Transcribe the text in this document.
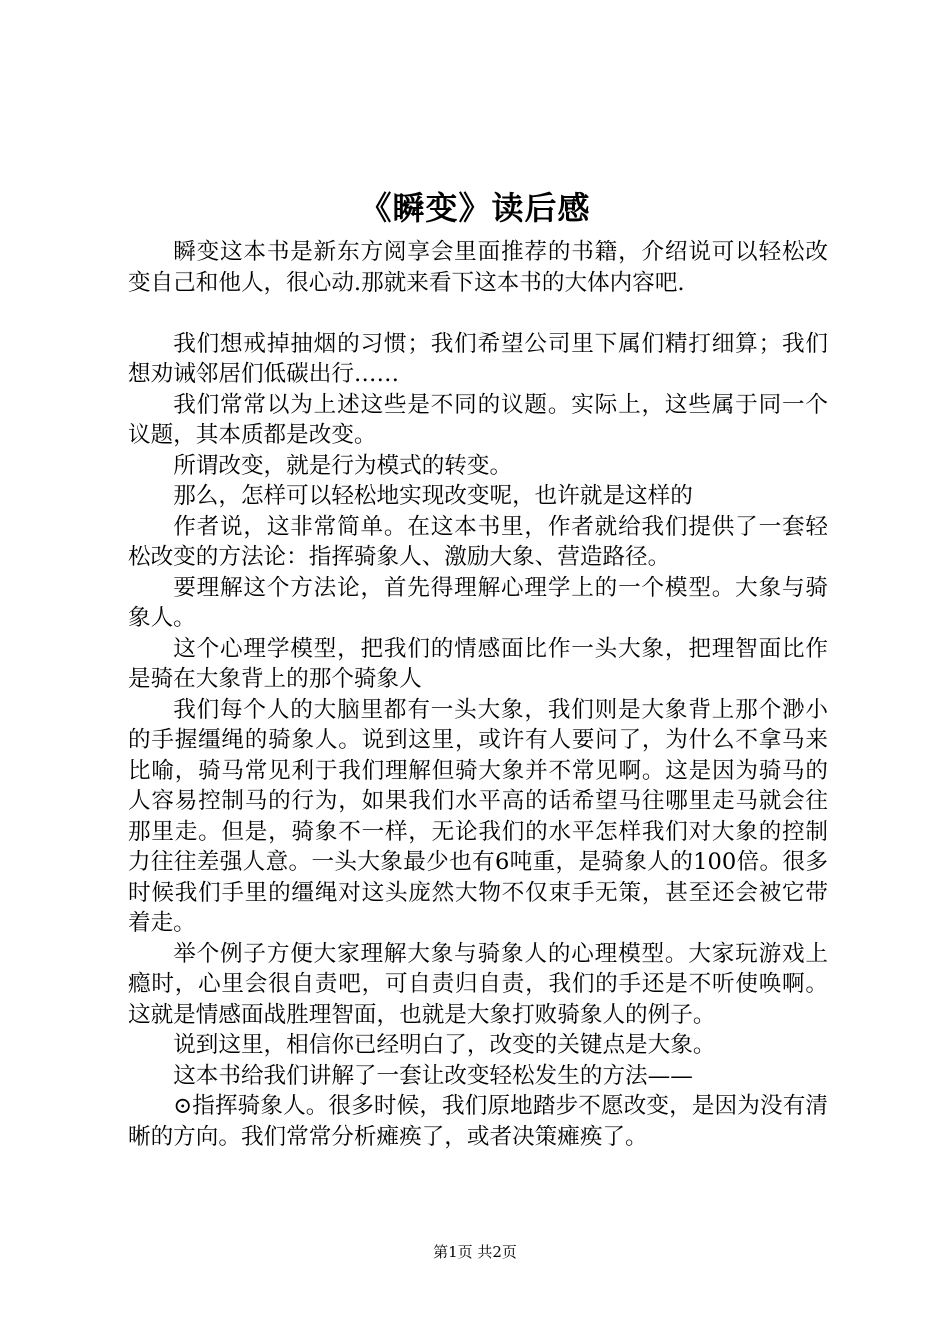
《瞬变》读后感

瞬变这本书是新东方阅享会里面推荐的书籍，介绍说可以轻松改变自己和他人，很心动.那就来看下这本书的大体内容吧.

我们想戒掉抽烟的习惯；我们希望公司里下属们精打细算；我们想劝诫邻居们低碳出行……

我们常常以为上述这些是不同的议题。实际上，这些属于同一个议题，其本质都是改变。

所谓改变，就是行为模式的转变。

那么，怎样可以轻松地实现改变呢，也许就是这样的

作者说，这非常简单。在这本书里，作者就给我们提供了一套轻松改变的方法论：指挥骑象人、激励大象、营造路径。

要理解这个方法论，首先得理解心理学上的一个模型。大象与骑象人。

这个心理学模型，把我们的情感面比作一头大象，把理智面比作是骑在大象背上的那个骑象人

我们每个人的大脑里都有一头大象，我们则是大象背上那个渺小的手握缰绳的骑象人。说到这里，或许有人要问了，为什么不拿马来比喻，骑马常见利于我们理解但骑大象并不常见啊。这是因为骑马的人容易控制马的行为，如果我们水平高的话希望马往哪里走马就会往那里走。但是，骑象不一样，无论我们的水平怎样我们对大象的控制力往往差强人意。一头大象最少也有6吨重，是骑象人的100倍。很多时候我们手里的缰绳对这头庞然大物不仅束手无策，甚至还会被它带着走。

举个例子方便大家理解大象与骑象人的心理模型。大家玩游戏上瘾时，心里会很自责吧，可自责归自责，我们的手还是不听使唤啊。这就是情感面战胜理智面，也就是大象打败骑象人的例子。

说到这里，相信你已经明白了，改变的关键点是大象。

这本书给我们讲解了一套让改变轻松发生的方法——

⊙指挥骑象人。很多时候，我们原地踏步不愿改变，是因为没有清晰的方向。我们常常分析瘫痪了，或者决策瘫痪了。

第1页 共2页
